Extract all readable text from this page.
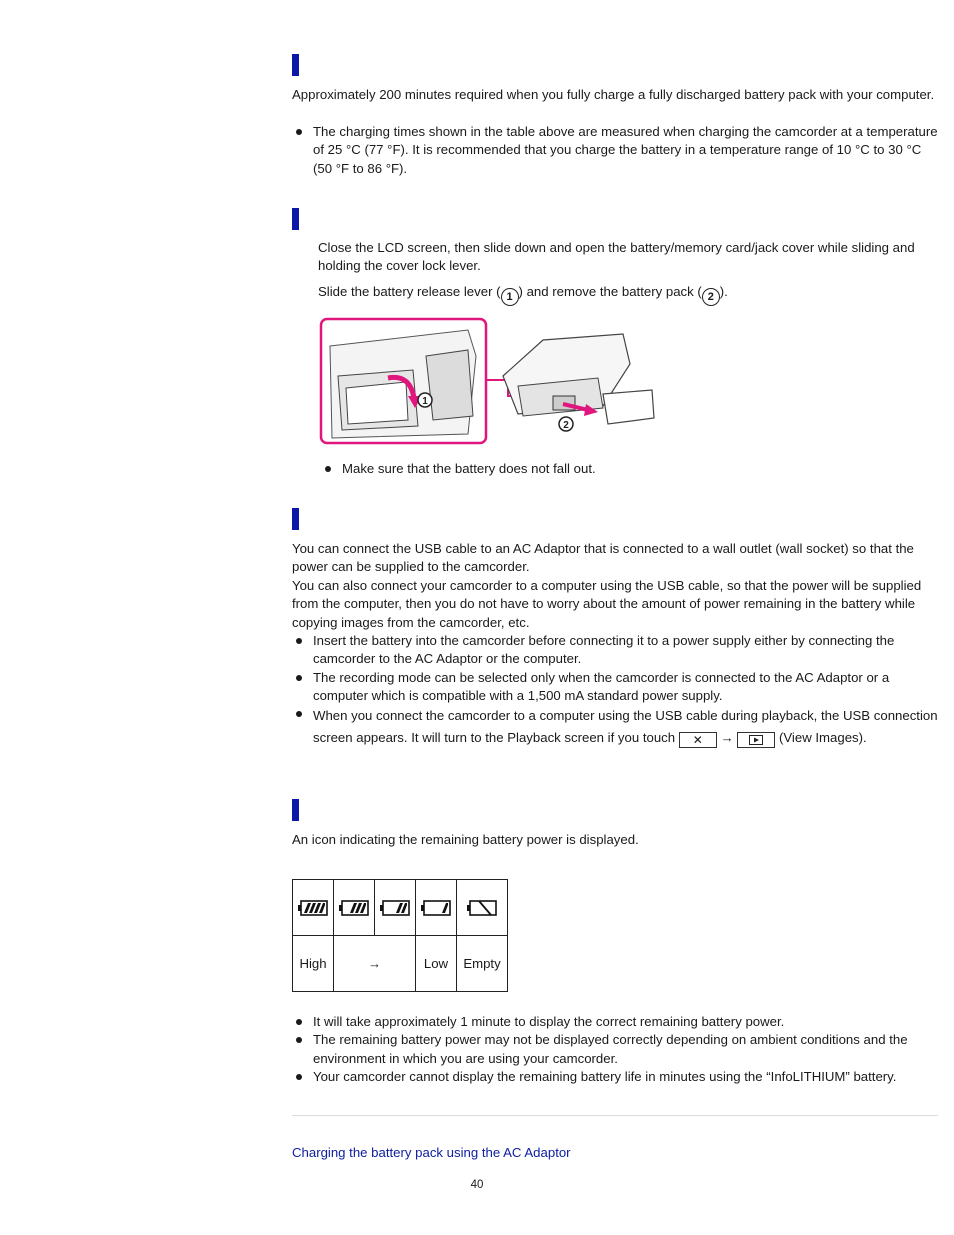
Approximately 200 minutes required when you fully charge a fully discharged battery pack with your computer.

The charging times shown in the table above are measured when charging the camcorder at a temperature of 25 °C (77 °F). It is recommended that you charge the battery in a temperature range of 10 °C to 30 °C (50 °F to 86 °F).

Close the LCD screen, then slide down and open the battery/memory card/jack cover while sliding and holding the cover lock lever.

Slide the battery release lever ( 1 ) and remove the battery pack ( 2 ).

1
2
Make sure that the battery does not fall out.

You can connect the USB cable to an AC Adaptor that is connected to a wall outlet (wall socket) so that the power can be supplied to the camcorder.

You can also connect your camcorder to a computer using the USB cable, so that the power will be supplied from the computer, then you do not have to worry about the amount of power remaining in the battery while copying images from the camcorder, etc.

Insert the battery into the camcorder before connecting it to a power supply either by connecting the camcorder to the AC Adaptor or the computer.
The recording mode can be selected only when the camcorder is connected to the AC Adaptor or a computer which is compatible with a 1,500 mA standard power supply.
When you connect the camcorder to a computer using the USB cable during playback, the USB connection screen appears. It will turn to the Playback screen if you touch ✕ →	(View Images).

An icon indicating the remaining battery power is displayed.

High	→		Low	Empty
It will take approximately 1 minute to display the correct remaining battery power.
The remaining battery power may not be displayed correctly depending on ambient conditions and the environment in which you are using your camcorder.
Your camcorder cannot display the remaining battery life in minutes using the “InfoLITHIUM” battery.
Charging the battery pack using the AC Adaptor
40
